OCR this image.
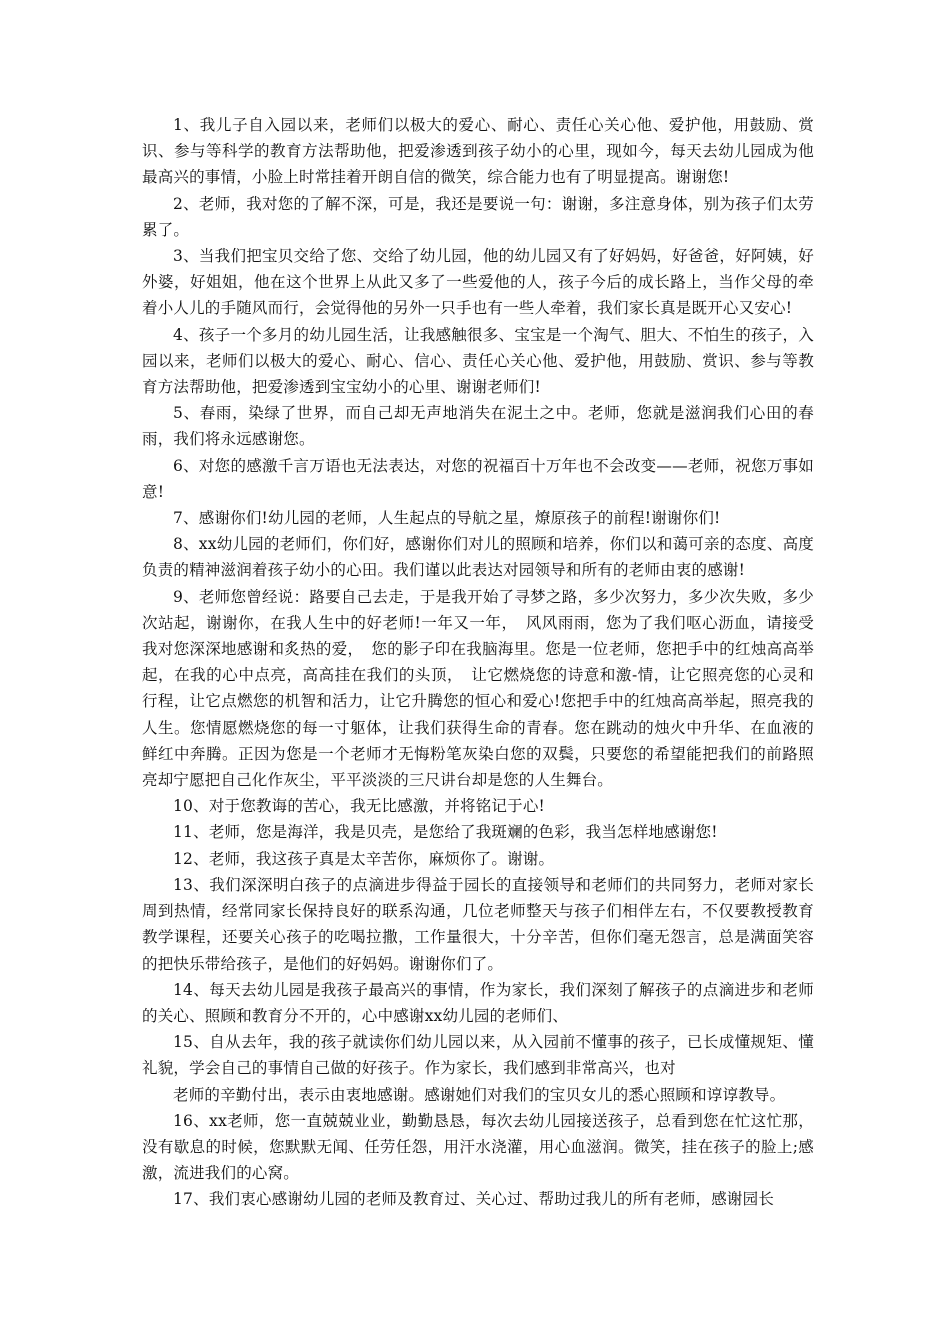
1、我儿子自入园以来，老师们以极大的爱心、耐心、责任心关心他、爱护他，用鼓励、赏识、参与等科学的教育方法帮助他，把爱渗透到孩子幼小的心里，现如今，每天去幼儿园成为他最高兴的事情，小脸上时常挂着开朗自信的微笑，综合能力也有了明显提高。谢谢您!

2、老师，我对您的了解不深，可是，我还是要说一句：谢谢，多注意身体，别为孩子们太劳累了。

3、当我们把宝贝交给了您、交给了幼儿园，他的幼儿园又有了好妈妈，好爸爸，好阿姨，好外婆，好姐姐，他在这个世界上从此又多了一些爱他的人，孩子今后的成长路上，当作父母的牵着小人儿的手随风而行，会觉得他的另外一只手也有一些人牵着，我们家长真是既开心又安心!

4、孩子一个多月的幼儿园生活，让我感触很多、宝宝是一个淘气、胆大、不怕生的孩子，入园以来，老师们以极大的爱心、耐心、信心、责任心关心他、爱护他，用鼓励、赏识、参与等教育方法帮助他，把爱渗透到宝宝幼小的心里、谢谢老师们!

5、春雨，染绿了世界，而自己却无声地消失在泥土之中。老师，您就是滋润我们心田的春雨，我们将永远感谢您。

6、对您的感激千言万语也无法表达，对您的祝福百十万年也不会改变——老师，祝您万事如意!

7、感谢你们!幼儿园的老师，人生起点的导航之星，燎原孩子的前程!谢谢你们!

8、xx幼儿园的老师们，你们好，感谢你们对儿的照顾和培养，你们以和蔼可亲的态度、高度负责的精神滋润着孩子幼小的心田。我们谨以此表达对园领导和所有的老师由衷的感谢!

9、老师您曾经说：路要自己去走，于是我开始了寻梦之路，多少次努力，多少次失败，多少次站起，谢谢你，在我人生中的好老师!一年又一年，　风风雨雨，您为了我们呕心沥血，请接受我对您深深地感谢和炙热的爱，　您的影子印在我脑海里。您是一位老师，您把手中的红烛高高举起，在我的心中点亮，高高挂在我们的头顶，　让它燃烧您的诗意和激-情，让它照亮您的心灵和行程，让它点燃您的机智和活力，让它升腾您的恒心和爱心!您把手中的红烛高高举起，照亮我的人生。您情愿燃烧您的每一寸躯体，让我们获得生命的青春。您在跳动的烛火中升华、在血液的鲜红中奔腾。正因为您是一个老师才无悔粉笔灰染白您的双鬓，只要您的希望能把我们的前路照亮却宁愿把自己化作灰尘，平平淡淡的三尺讲台却是您的人生舞台。

10、对于您教诲的苦心，我无比感激，并将铭记于心!

11、老师，您是海洋，我是贝壳，是您给了我斑斓的色彩，我当怎样地感谢您!

12、老师，我这孩子真是太辛苦你，麻烦你了。谢谢。

13、我们深深明白孩子的点滴进步得益于园长的直接领导和老师们的共同努力，老师对家长周到热情，经常同家长保持良好的联系沟通，几位老师整天与孩子们相伴左右，不仅要教授教育教学课程，还要关心孩子的吃喝拉撒，工作量很大，十分辛苦，但你们毫无怨言，总是满面笑容的把快乐带给孩子，是他们的好妈妈。谢谢你们了。

14、每天去幼儿园是我孩子最高兴的事情，作为家长，我们深刻了解孩子的点滴进步和老师的关心、照顾和教育分不开的，心中感谢xx幼儿园的老师们、

15、自从去年，我的孩子就读你们幼儿园以来，从入园前不懂事的孩子，已长成懂规矩、懂礼貌，学会自己的事情自己做的好孩子。作为家长，我们感到非常高兴，也对

老师的辛勤付出，表示由衷地感谢。感谢她们对我们的宝贝女儿的悉心照顾和谆谆教导。

16、xx老师，您一直兢兢业业，勤勤恳恳，每次去幼儿园接送孩子，总看到您在忙这忙那，没有歇息的时候，您默默无闻、任劳任怨，用汗水浇灌，用心血滋润。微笑，挂在孩子的脸上;感激，流进我们的心窝。

17、我们衷心感谢幼儿园的老师及教育过、关心过、帮助过我儿的所有老师，感谢园长
